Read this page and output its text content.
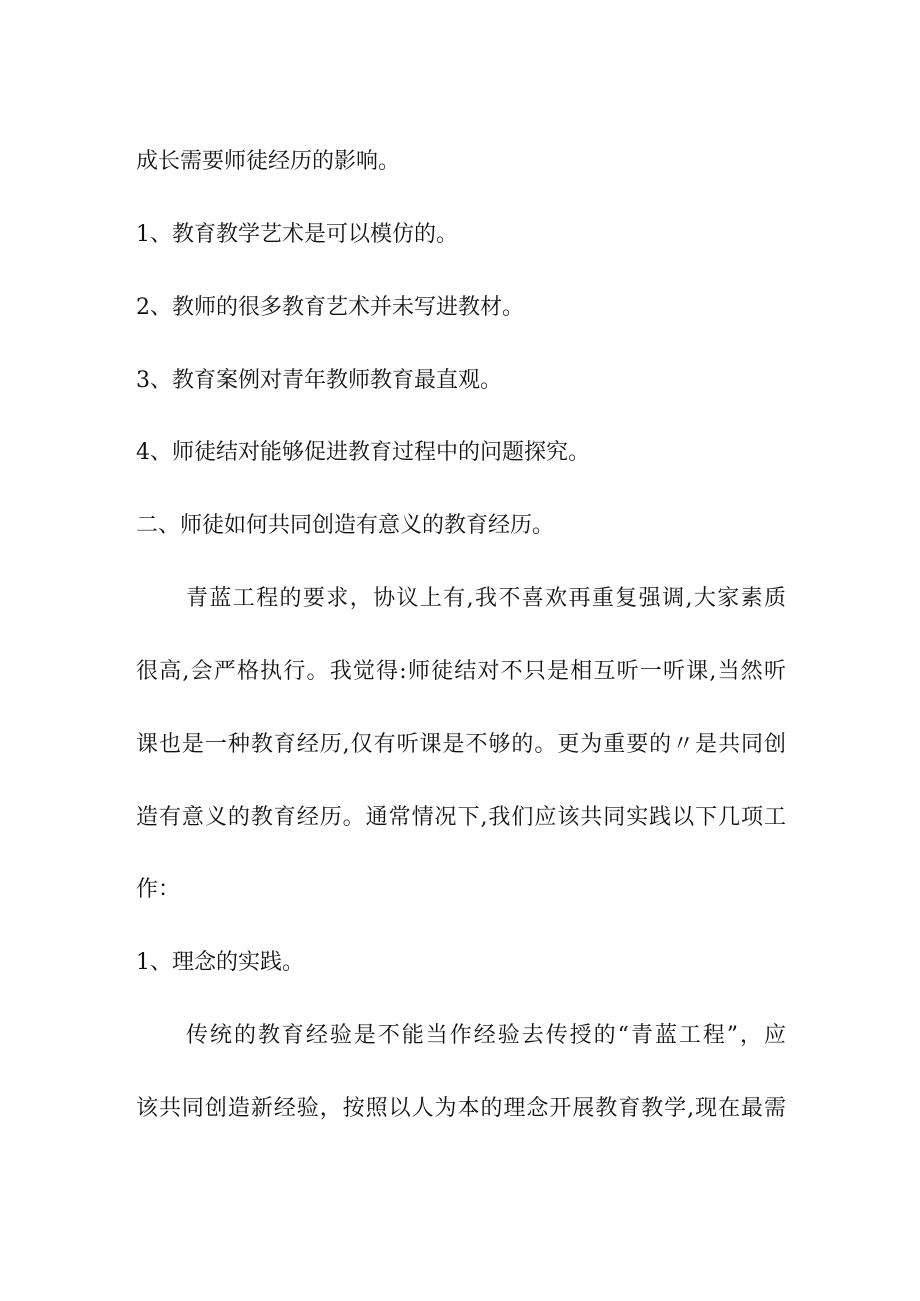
成长需要师徒经历的影响。
1、教育教学艺术是可以模仿的。
2、教师的很多教育艺术并未写进教材。
3、教育案例对青年教师教育最直观。
4、师徒结对能够促进教育过程中的问题探究。
二、师徒如何共同创造有意义的教育经历。
青蓝工程的要求，协议上有,我不喜欢再重复强调,大家素质
很高,会严格执行。我觉得:师徒结对不只是相互听一听课,当然听
课也是一种教育经历,仅有听课是不够的。更为重要的〃是共同创
造有意义的教育经历。通常情况下,我们应该共同实践以下几项工
作：
1、理念的实践。
传统的教育经验是不能当作经验去传授的“青蓝工程”，应
该共同创造新经验，按照以人为本的理念开展教育教学,现在最需
